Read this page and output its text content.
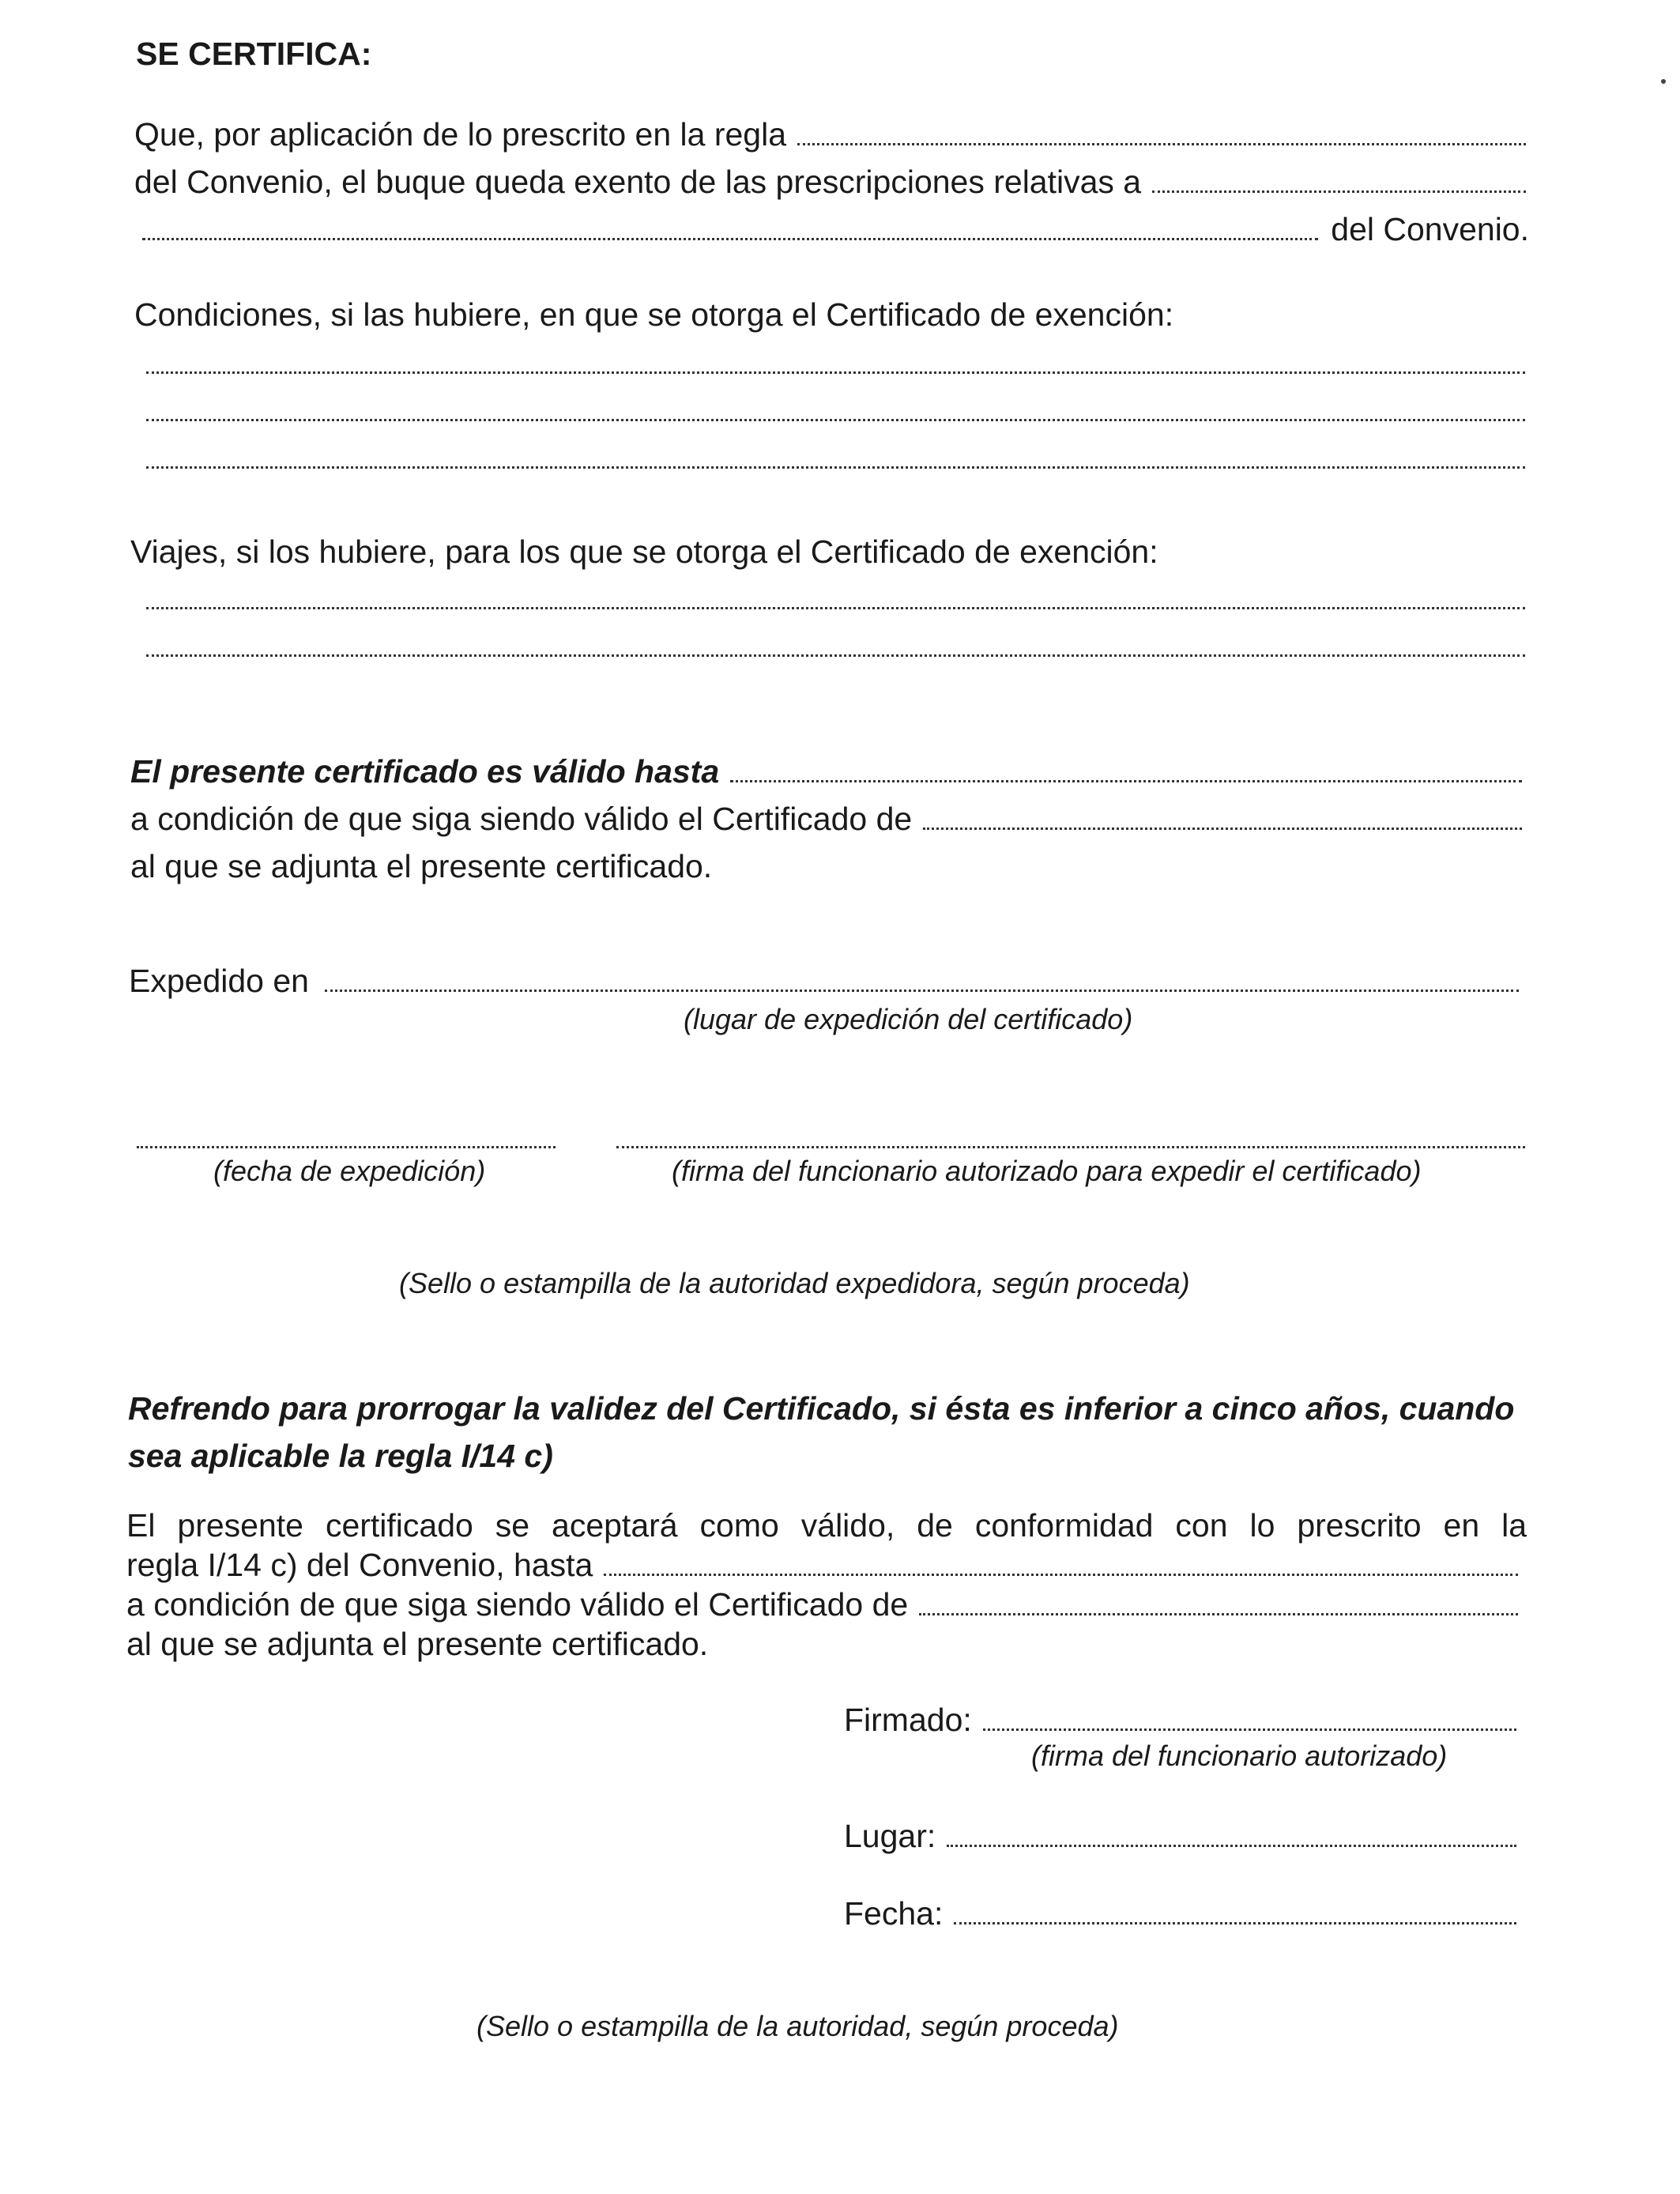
SE CERTIFICA:
Que, por aplicación de lo prescrito en la regla
del Convenio, el buque queda exento de las prescripciones relativas a
del Convenio.
Condiciones, si las hubiere, en que se otorga el Certificado de exención:
Viajes, si los hubiere, para los que se otorga el Certificado de exención:
El presente certificado es válido hasta
a condición de que siga siendo válido el Certificado de
al que se adjunta el presente certificado.
Expedido en
(lugar de expedición del certificado)
(fecha de expedición)	(firma del funcionario autorizado para expedir el certificado)
(Sello o estampilla de la autoridad expedidora, según proceda)
Refrendo para prorrogar la validez del Certificado, si ésta es inferior a cinco años, cuando sea aplicable la regla I/14 c)
El presente certificado se aceptará como válido, de conformidad con lo prescrito en la
regla I/14 c) del Convenio, hasta
a condición de que siga siendo válido el Certificado de
al que se adjunta el presente certificado.
Firmado:
(firma del funcionario autorizado)
Lugar:
Fecha:
(Sello o estampilla de la autoridad, según proceda)
